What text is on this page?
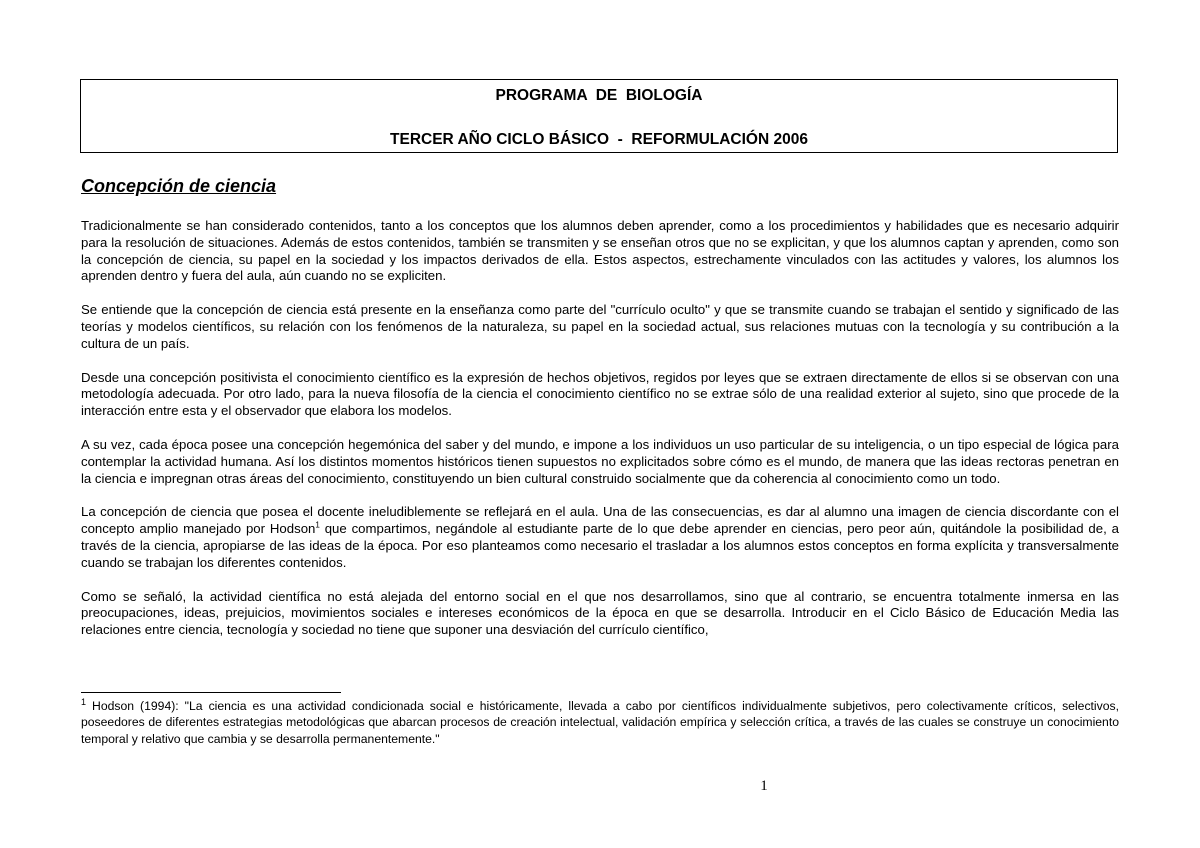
PROGRAMA  DE  BIOLOGÍA
TERCER AÑO CICLO BÁSICO  -  REFORMULACIÓN 2006
Concepción de ciencia

Tradicionalmente se han considerado contenidos, tanto a los conceptos que los alumnos deben aprender, como a los procedimientos y habilidades que es necesario adquirir para la resolución de situaciones. Además de estos contenidos, también se transmiten y se enseñan otros que no se explicitan, y que los alumnos captan y aprenden, como son la concepción de ciencia, su papel en la sociedad y los impactos derivados de ella. Estos aspectos, estrechamente vinculados con las actitudes y valores, los alumnos los aprenden dentro y fuera del aula, aún cuando no se expliciten.

Se entiende que la concepción de ciencia está presente en la enseñanza como parte del "currículo oculto" y que se transmite cuando se trabajan el sentido y significado de las teorías y modelos científicos, su relación con los fenómenos de la naturaleza, su papel en la sociedad actual, sus relaciones mutuas con la tecnología y su contribución a la cultura de un país.

Desde una concepción positivista el conocimiento científico es la expresión de hechos objetivos, regidos por leyes que se extraen directamente de ellos si se observan con una metodología adecuada. Por otro lado, para la nueva filosofía de la ciencia el conocimiento científico no se extrae sólo de una realidad exterior al sujeto, sino que procede de la interacción entre esta y el observador que elabora los modelos.

A su vez, cada época posee una concepción hegemónica del saber y del mundo, e impone a los individuos un uso particular de su inteligencia, o un tipo especial de lógica para contemplar la actividad humana. Así los distintos momentos históricos tienen supuestos no explicitados sobre cómo es el mundo, de manera que las ideas rectoras penetran en la ciencia e impregnan otras áreas del conocimiento, constituyendo un bien cultural construido socialmente que da coherencia al conocimiento como un todo.

La concepción de ciencia que posea el docente ineludiblemente se reflejará en el aula. Una de las consecuencias, es dar al alumno una imagen de ciencia discordante con el concepto amplio manejado por Hodson$^1$ que compartimos, negándole al estudiante parte de lo que debe aprender en ciencias, pero peor aún, quitándole la posibilidad de, a través de la ciencia, apropiarse de las ideas de la época. Por eso planteamos como necesario el trasladar a los alumnos estos conceptos en forma explícita y transversalmente cuando se trabajan los diferentes contenidos.

Como se señaló, la actividad científica no está alejada del entorno social en el que nos desarrollamos, sino que al contrario, se encuentra totalmente inmersa en las preocupaciones, ideas, prejuicios, movimientos sociales e intereses económicos de la época en que se desarrolla. Introducir en el Ciclo Básico de Educación Media las relaciones entre ciencia, tecnología y sociedad no tiene que suponer una desviación del currículo científico,

$^1$ Hodson (1994): "La ciencia es una actividad condicionada social e históricamente, llevada a cabo por científicos individualmente subjetivos, pero colectivamente críticos, selectivos, poseedores de diferentes estrategias metodológicas que abarcan procesos de creación intelectual, validación empírica y selección crítica, a través de las cuales se construye un conocimiento temporal y relativo que cambia y se desarrolla permanentemente."
1
